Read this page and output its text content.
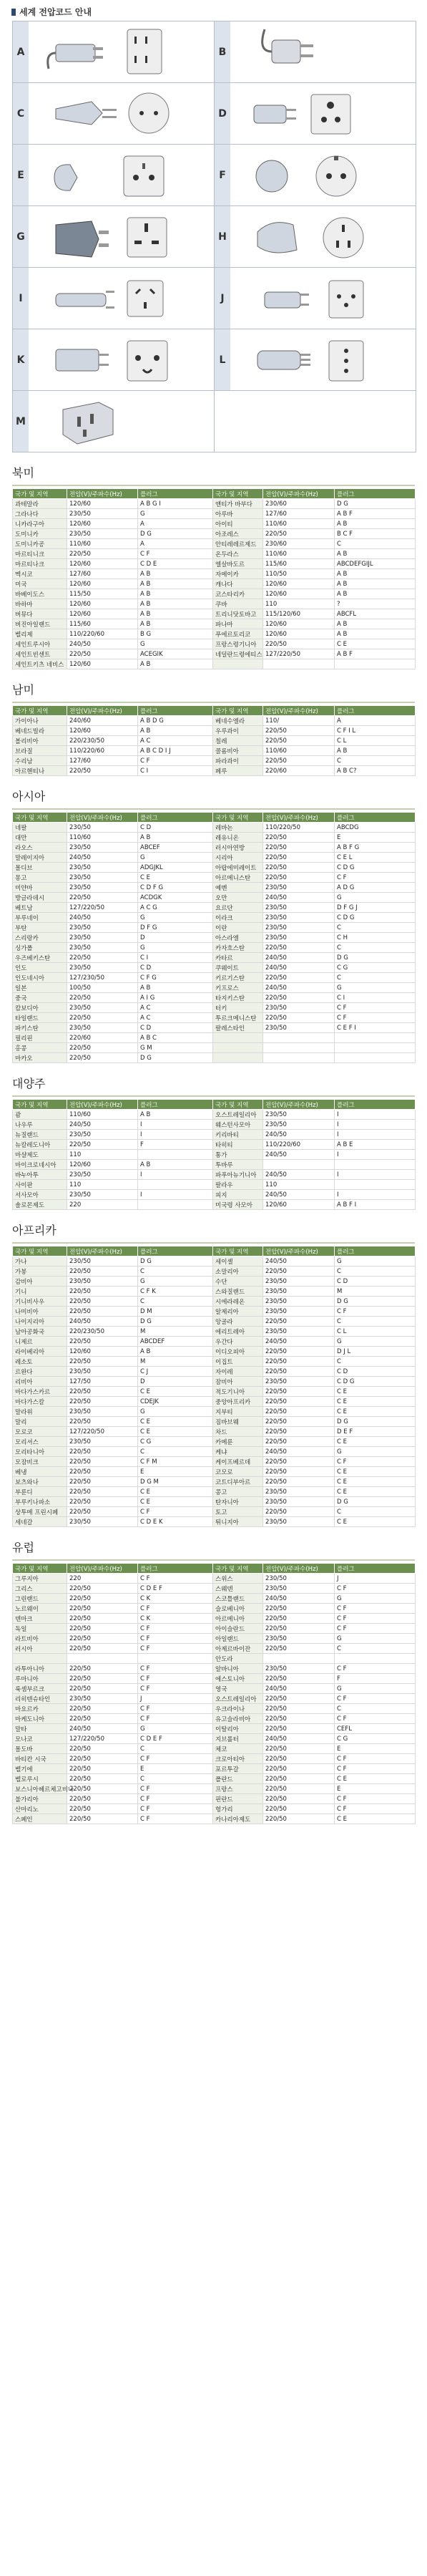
세계 전압코드 안내
A	B
C	D
E	F
G	H
I	J
K	L
M
북미
국가 및 지역	전압(V)/주파수(Hz)	플러그	국가 및 지역	전압(V)/주파수(Hz)	플러그
과테말라	120/60	A B G I	앤티가 바부다	230/60	D G
그라나다	230/50	G	아루바	127/60	A B F
니카라구아	120/60	A	아이티	110/60	A B
도미니카	230/50	D G	아조레스	220/50	B C F
도미니카공	110/60	A	안티레레르제드	230/60	C
마르티니크	220/50	C F	온두라스	110/60	A B
마르티나크	120/60	C D E	엘살바도르	115/60	ABCDEFGIJL
멕시코	127/60	A B	자메이카	110/50	A B
미국	120/60	A B	캐나다	120/60	A B
바베이도스	115/50	A B	코스타리카	120/60	A B
바하마	120/60	A B	쿠바	110	?
버뮤다	120/60	A B	트리니닷토바고	115/120/60	ABCFL
버진아일랜드	115/60	A B	파나마	120/60	A B
벨리제	110/220/60	B G	푸에르토리코	120/60	A B
세인트루시아	240/50	G	프랑스령기니아	220/50	C E
세인트빈센트	220/50	ACEGIK	네덜란드령에티스	127/220/50	A B F
세인트키츠 네비스	120/60	A B			
남미
국가 및 지역	전압(V)/주파수(Hz)	플러그	국가 및 지역	전압(V)/주파수(Hz)	플러그
가이아나	240/60	A B D G	베네수엘라	110/	A
베네드빌라	120/60	A B	우루과이	220/50	C F I L
볼리비아	220/230/50	A C	칠레	220/50	C L
브라질	110/220/60	A B C D I J	콜롬비아	110/60	A B
수리남	127/60	C F	파라과이	220/50	C
아르헨티나	220/50	C I	페루	220/60	A B C?
아시아
국가 및 지역	전압(V)/주파수(Hz)	플러그	국가 및 지역	전압(V)/주파수(Hz)	플러그
네팔	230/50	C D	레바논	110/220/50	ABCDG
대만	110/60	A B	레유니온	220/50	E
라오스	230/50	ABCEF	러시아연방	220/50	A B F G
말레이지아	240/50	G	시리아	220/50	C E L
몰디브	230/50	ADGJKL	아랍에미레이트	220/50	C D G
몽고	230/50	C E	아르메니스탄	220/50	C F
미얀마	230/50	C D F G	예멘	230/50	A D G
방글라데시	220/50	ACDGK	오만	240/50	G
베트남	127/220/50	A C G	요르단	230/50	D F G J
부루네이	240/50	G	이라크	230/50	C D G
부탄	230/50	D F G	이란	230/50	C
스리랑카	230/50	D	아스라엘	230/50	C H
싱가폴	230/50	G	카자흐스탄	220/50	C
우즈베키스탄	220/50	C I	카타르	240/50	D G
인도	230/50	C D	쿠웨이트	240/50	C G
인도네시아	127/230/50	C F G	키르기스탄	220/50	C
일본	100/50	A B	키프로스	240/50	G
중국	220/50	A I G	타지키스탄	220/50	C I
캄보디아	230/50	A C	터키	230/50	C F
타일랜드	220/50	A C	투르크메니스탄	220/50	C F
파키스탄	230/50	C D	팔레스타인	230/50	C E F I
필리핀	220/60	A B C			
홍콩	220/50	G M			
마카오	220/50	D G			
대양주
국가 및 지역	전압(V)/주파수(Hz)	플러그	국가 및 지역	전압(V)/주파수(Hz)	플러그
괌	110/60	A B	오스트레일리아	230/50	I
나우루	240/50	I	웨스턴사모아	230/50	I
뉴질랜드	230/50	I	키리바티	240/50	I
뉴칼레도니아	220/50	F	타히티	110/220/60	A B E
마샬제도	110		통가	240/50	I
마이크로네시아	120/60	A B	투바루		
바누아투	230/50	I	파푸아뉴기니아	240/50	I
사이판	110		팔라우	110	
서사모아	230/50	I	피지	240/50	I
솔로몬제도	220		미국령 사모아	120/60	A B F I
아프리카
국가 및 지역	전압(V)/주파수(Hz)	플러그	국가 및 지역	전압(V)/주파수(Hz)	플러그
가나	230/50	D G	세이셸	240/50	G
가봉	220/50	C	소말리아	220/50	C
감비아	230/50	G	수단	230/50	C D
기니	220/50	C F K	스와질랜드	230/50	M
기니비사우	220/50	C	시에라레온	230/50	D G
나미비아	220/50	D M	알제리아	230/50	C F
나이지리아	240/50	D G	앙골라	220/50	C
남아공화국	220/230/50	M	에리트레아	230/50	C L
니제르	220/50	ABCDEF	우간다	240/50	G
라이베리아	120/60	A B	이디오피아	220/50	D J L
레소토	220/50	M	이집트	220/50	C
르완다	230/50	C J	자이레	220/50	C D
리비아	127/50	D	잠비아	230/50	C D G
마다가스카르	220/50	C E	적도기니아	220/50	C E
마다가스칼	220/50	CDEJK	중앙아프리카	220/50	C E
말라위	230/50	G	지부티	220/50	C E
말리	220/50	C E	짐바브웨	220/50	D G
모로코	127/220/50	C E	차드	220/50	D E F
모리셔스	230/50	C G	카메룬	220/50	C E
모리타니아	220/50	C	케냐	240/50	G
모잠비크	220/50	C F M	케이프베르데	220/50	C F
베냉	220/50	E	코모로	220/50	C E
보츠와나	220/50	D G M	코트디부아르	220/50	C E
부룬디	220/50	C E	콩고	230/50	C E
부루키나파소	220/50	C E	탄자니아	230/50	D G
상투메 프린시페	220/50	C F	토고	220/50	C
세네갈	230/50	C D E K	튀니지아	230/50	C E
유럽
국가 및 지역	전압(V)/주파수(Hz)	플러그	국가 및 지역	전압(V)/주파수(Hz)	플러그
그루지아	220	C F	스위스	230/50	J
그리스	220/50	C D E F	스웨덴	230/50	C F
그린랜드	220/50	C K	스코틀랜드	240/50	G
노르웨이	220/50	C F	슬로베니아	220/50	C F
덴마크	220/50	C K	아르메니아	220/50	C F
독일	220/50	C F	아이슬란드	220/50	C F
라트비아	220/50	C F	아일랜드	230/50	G
러시아	220/50	C F	아제르바이잔	220/50	C
			안도라		
라투아니아	220/50	C F	알바니아	230/50	C F
루마니아	220/50	C F	에스토니아	220/50	F
룩셈부르크	220/50	C F	영국	240/50	G
리히텐슈타인	230/50	J	오스트레일리아	220/50	C F
마요르카	220/50	C F	우크라이나	220/50	C
마케도니아	220/50	C F	유고슬라비아	220/50	C F
말타	240/50	G	이탈리아	220/50	CEFL
모나코	127/220/50	C D E F	지브롤터	240/50	C G
몰도바	220/50	C	체코	220/50	E
바티칸 시국	220/50	C F	크로아티아	220/50	C F
벨기에	220/50	E	포르투갈	220/50	C F
벨로루시	220/50	C	폴란드	220/50	C E
보스니아헤르체고비나	220/50	C F	프랑스	220/50	E
불가리아	220/50	C F	핀란드	220/50	C F
산마리노	220/50	C F	헝가리	220/50	C F
스페인	220/50	C F	카나리아제도	220/50	C E
